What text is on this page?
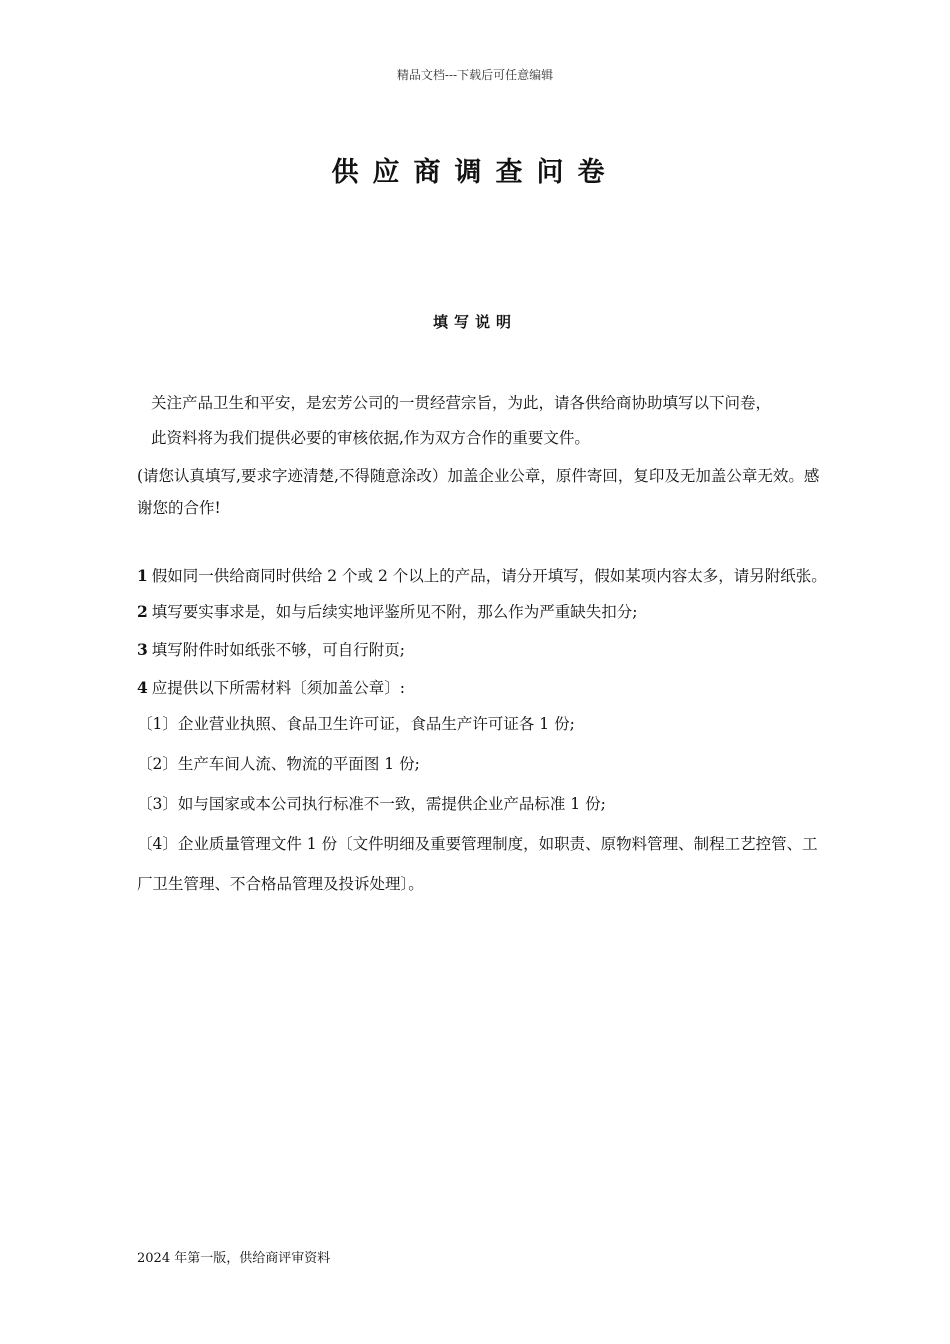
精品文档---下载后可任意编辑
供应商调查问卷
填写说明
关注产品卫生和平安，是宏芳公司的一贯经营宗旨，为此，请各供给商协助填写以下问卷，
此资料将为我们提供必要的审核依据,作为双方合作的重要文件。
(请您认真填写,要求字迹清楚,不得随意涂改）加盖企业公章，原件寄回，复印及无加盖公章无效。感谢您的合作!

1 假如同一供给商同时供给 2 个或 2 个以上的产品，请分开填写，假如某项内容太多，请另附纸张。

2 填写要实事求是，如与后续实地评鉴所见不附，那么作为严重缺失扣分;

3 填写附件时如纸张不够，可自行附页;

4 应提供以下所需材料〔须加盖公章〕:

〔1〕企业营业执照、食品卫生许可证，食品生产许可证各 1 份;

〔2〕生产车间人流、物流的平面图 1 份;

〔3〕如与国家或本公司执行标准不一致，需提供企业产品标准 1 份;

〔4〕企业质量管理文件 1 份〔文件明细及重要管理制度，如职责、原物料管理、制程工艺控管、工厂卫生管理、不合格品管理及投诉处理〕。

2024 年第一版，供给商评审资料
